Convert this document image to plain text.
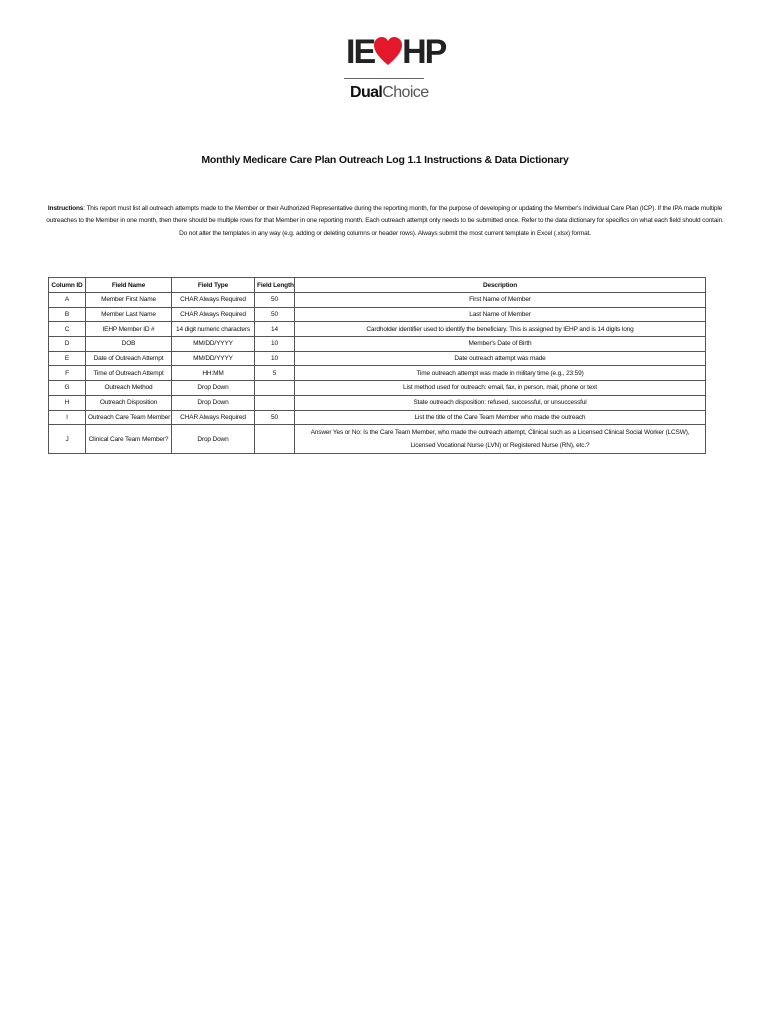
IE HP
DualChoice
Monthly Medicare Care Plan Outreach Log 1.1 Instructions & Data Dictionary
Instructions: This report must list all outreach attempts made to the Member or their Authorized Representative during the reporting month, for the purpose of developing or updating the Member's Individual Care Plan (ICP). If the IPA made multiple outreaches to the Member in one month, then there should be multiple rows for that Member in one reporting month. Each outreach attempt only needs to be submitted once. Refer to the data dictionary for specifics on what each field should contain. Do not alter the templates in any way (e.g. adding or deleting columns or header rows). Always submit the most current template in Excel (.xlsx) format.
Column ID	Field Name	Field Type	Field Length	Description
A	Member First Name	CHAR Always Required	50	First Name of Member
B	Member Last Name	CHAR Always Required	50	Last Name of Member
C	IEHP Member ID #	14 digit numeric characters	14	Cardholder identifier used to identify the beneficiary. This is assigned by IEHP and is 14 digits long
D	DOB	MM/DD/YYYY	10	Member's Date of Birth
E	Date of Outreach Attempt	MM/DD/YYYY	10	Date outreach attempt was made
F	Time of Outreach Attempt	HH:MM	5	Time outreach attempt was made in military time (e.g., 23:59)
G	Outreach Method	Drop Down		List method used for outreach: email, fax, in person, mail, phone or text
H	Outreach Disposition	Drop Down		State outreach disposition: refused, successful, or unsuccessful
I	Outreach Care Team Member	CHAR Always Required	50	List the title of the Care Team Member who made the outreach
J	Clinical Care Team Member?	Drop Down		Answer Yes or No: Is the Care Team Member, who made the outreach attempt, Clinical such as a Licensed Clinical Social Worker (LCSW), Licensed Vocational Nurse (LVN) or Registered Nurse (RN), etc.?
